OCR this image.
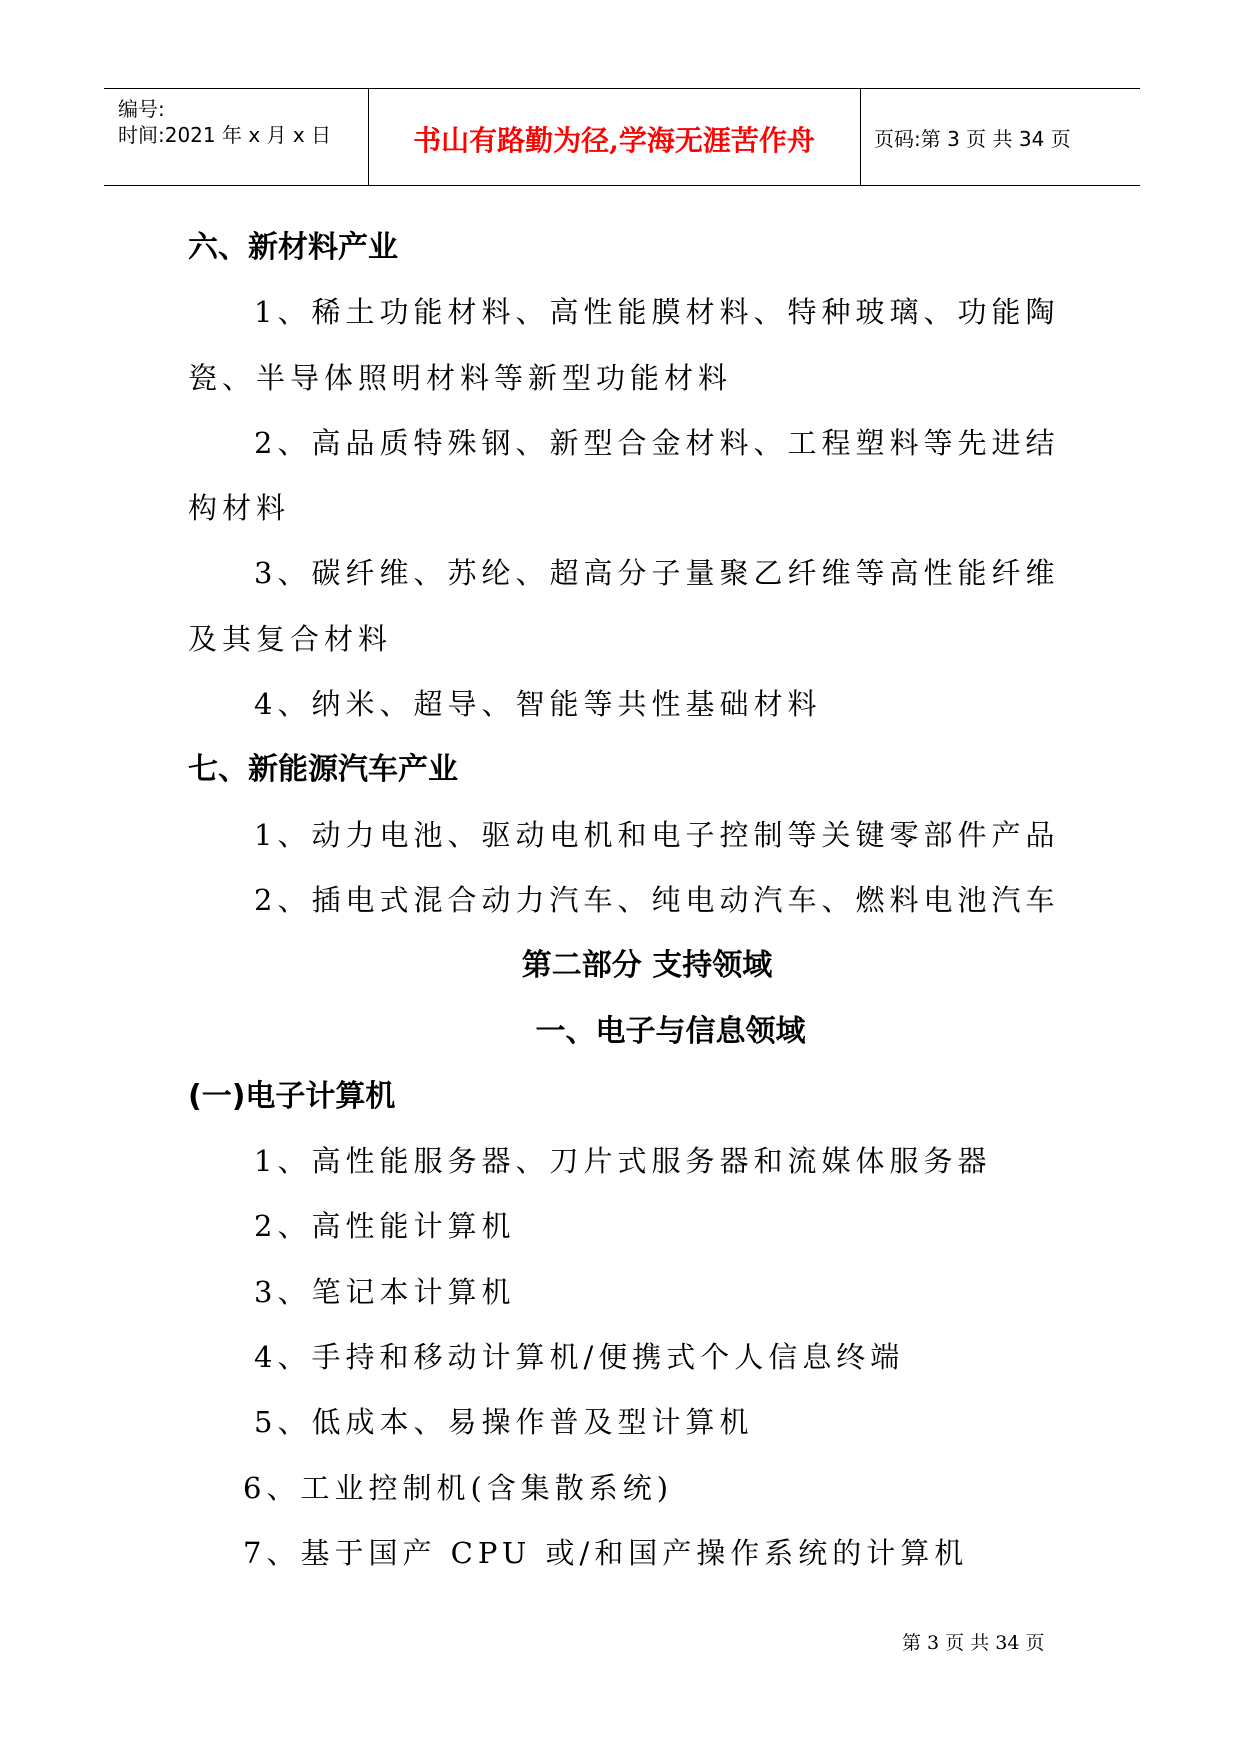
编号:
时间:2021 年 x 月 x 日	书山有路勤为径,学海无涯苦作舟	页码:第 3 页 共 34 页
六、新材料产业
1、稀土功能材料、高性能膜材料、特种玻璃、功能陶
瓷、半导体照明材料等新型功能材料
2、高品质特殊钢、新型合金材料、工程塑料等先进结
构材料
3、碳纤维、苏纶、超高分子量聚乙纤维等高性能纤维
及其复合材料
4、纳米、超导、智能等共性基础材料
七、新能源汽车产业
1、动力电池、驱动电机和电子控制等关键零部件产品
2、插电式混合动力汽车、纯电动汽车、燃料电池汽车
第二部分 支持领域
一、电子与信息领域
(一)电子计算机
1、高性能服务器、刀片式服务器和流媒体服务器
2、高性能计算机
3、笔记本计算机
4、手持和移动计算机/便携式个人信息终端
5、低成本、易操作普及型计算机
6、工业控制机(含集散系统)
7、基于国产 CPU 或/和国产操作系统的计算机
第 3 页 共 34 页
